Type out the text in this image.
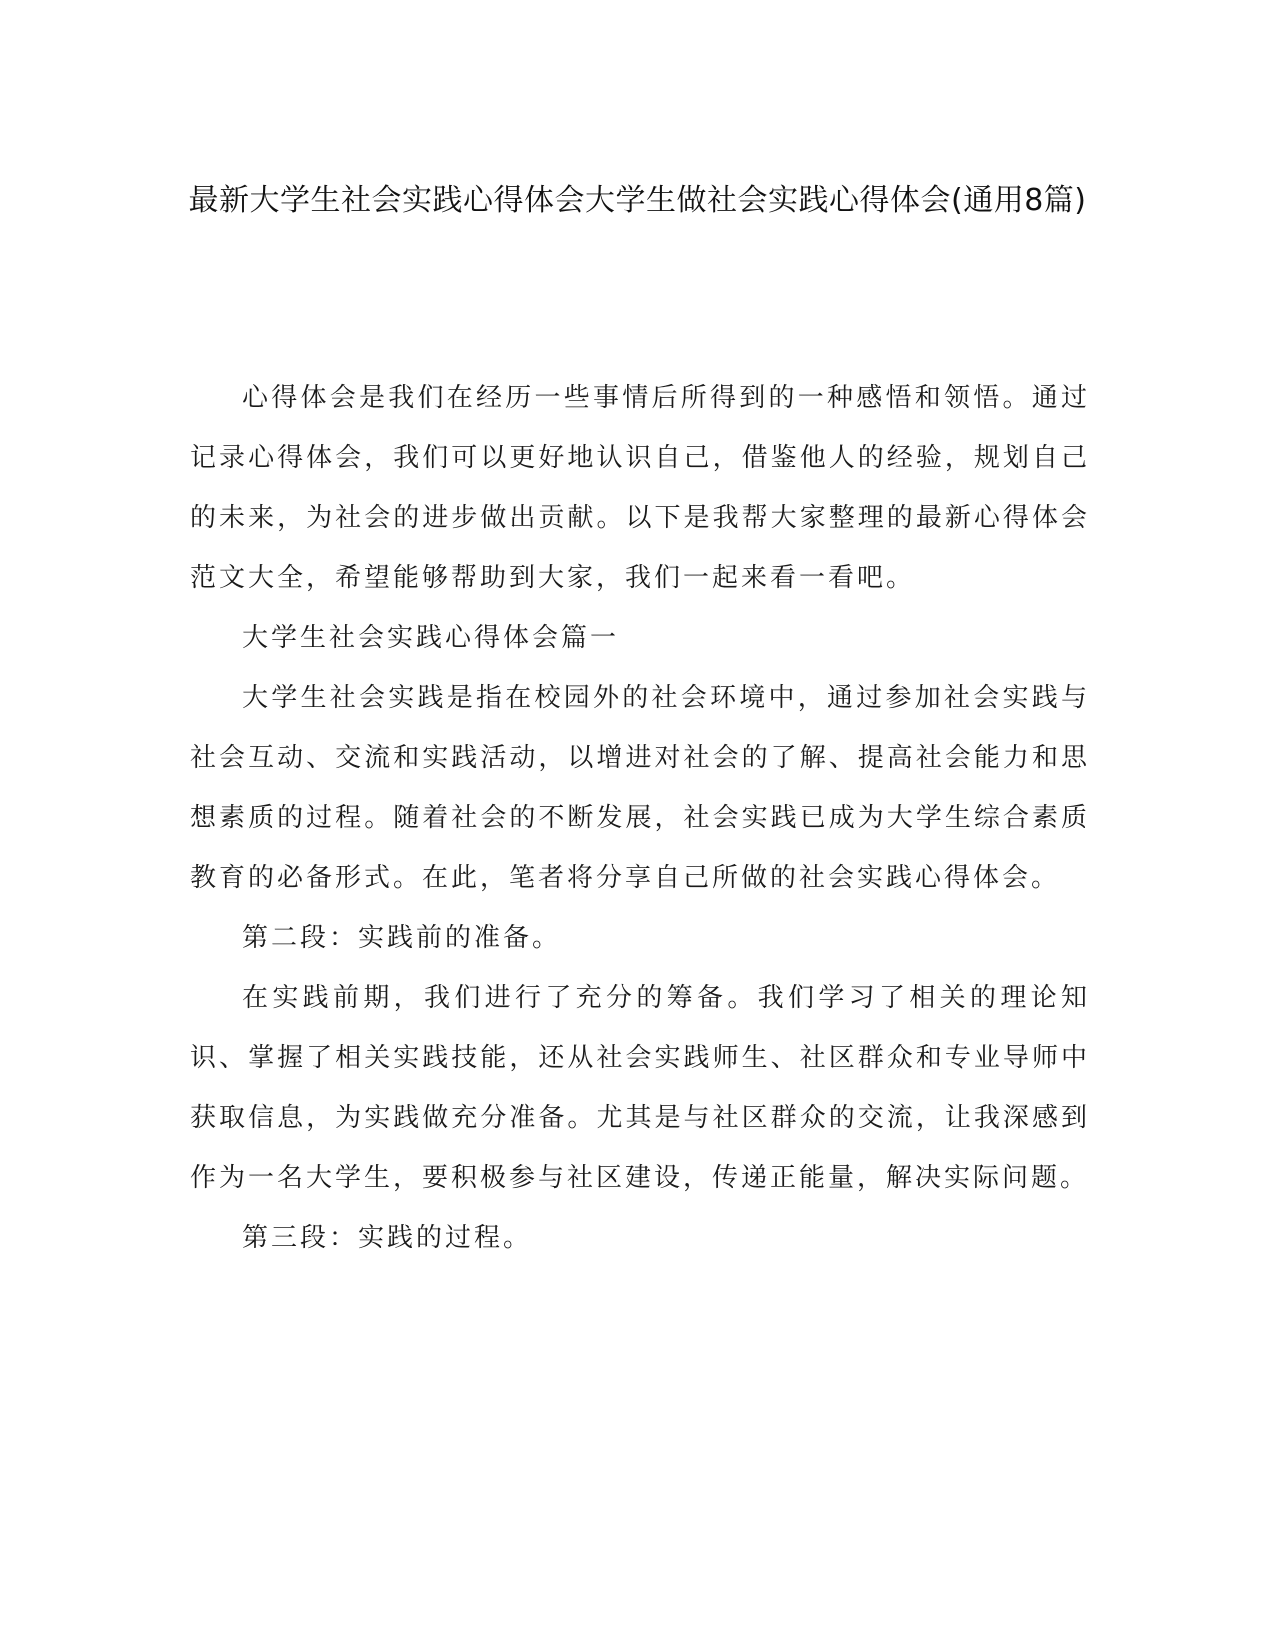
最新大学生社会实践心得体会大学生做社会实践心得体会(通用8篇)

心得体会是我们在经历一些事情后所得到的一种感悟和领悟。通过记录心得体会，我们可以更好地认识自己，借鉴他人的经验，规划自己的未来，为社会的进步做出贡献。以下是我帮大家整理的最新心得体会范文大全，希望能够帮助到大家，我们一起来看一看吧。

大学生社会实践心得体会篇一

大学生社会实践是指在校园外的社会环境中，通过参加社会实践与社会互动、交流和实践活动，以增进对社会的了解、提高社会能力和思想素质的过程。随着社会的不断发展，社会实践已成为大学生综合素质教育的必备形式。在此，笔者将分享自己所做的社会实践心得体会。

第二段：实践前的准备。

在实践前期，我们进行了充分的筹备。我们学习了相关的理论知识、掌握了相关实践技能，还从社会实践师生、社区群众和专业导师中获取信息，为实践做充分准备。尤其是与社区群众的交流，让我深感到作为一名大学生，要积极参与社区建设，传递正能量，解决实际问题。

第三段：实践的过程。
